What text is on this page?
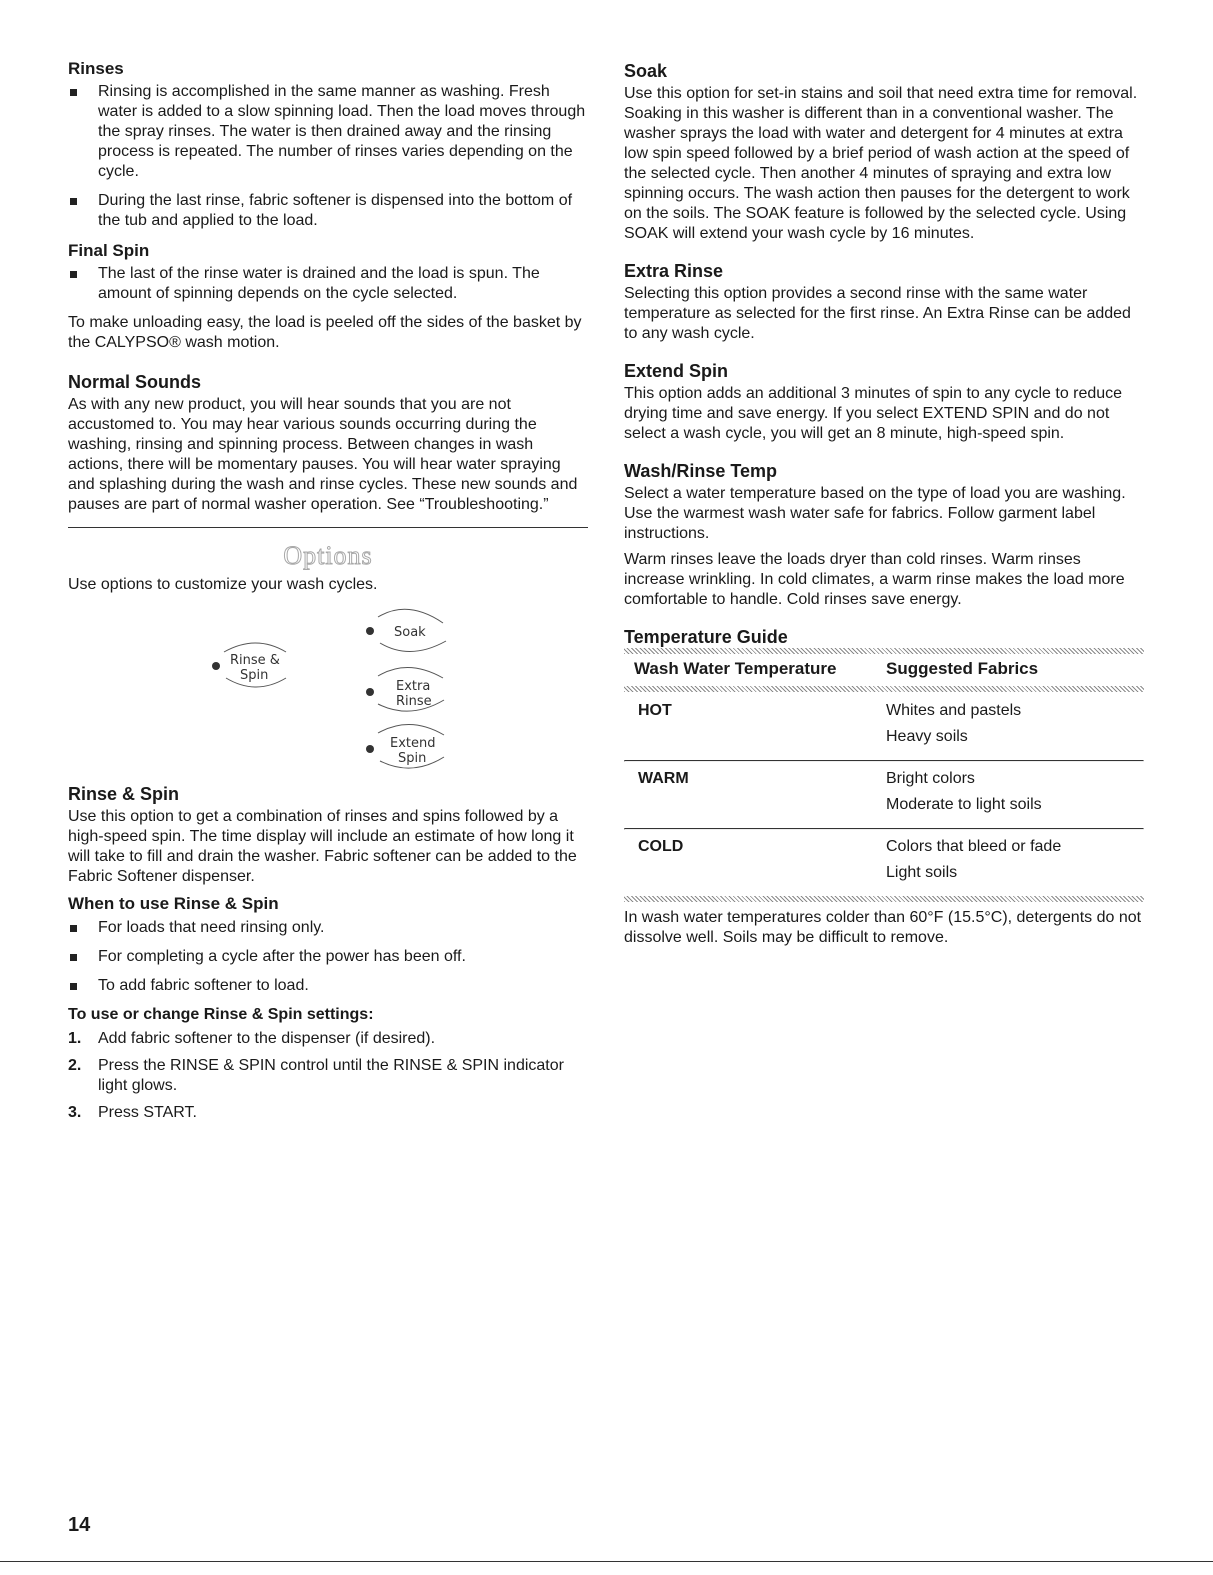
Rinses
Rinsing is accomplished in the same manner as washing. Fresh water is added to a slow spinning load. Then the load moves through the spray rinses. The water is then drained away and the rinsing process is repeated. The number of rinses varies depending on the cycle.
During the last rinse, fabric softener is dispensed into the bottom of the tub and applied to the load.
Final Spin
The last of the rinse water is drained and the load is spun. The amount of spinning depends on the cycle selected.

To make unloading easy, the load is peeled off the sides of the basket by the CALYPSO® wash motion.

Normal Sounds

As with any new product, you will hear sounds that you are not accustomed to. You may hear various sounds occurring during the washing, rinsing and spinning process. Between changes in wash actions, there will be momentary pauses. You will hear water spraying and splashing during the wash and rinse cycles. These new sounds and pauses are part of normal washer operation. See “Troubleshooting.”

Options

Use options to customize your wash cycles.

Soak
Rinse &
Spin
Extra
Rinse
Extend
Spin
Rinse & Spin

Use this option to get a combination of rinses and spins followed by a high-speed spin. The time display will include an estimate of how long it will take to fill and drain the washer. Fabric softener can be added to the Fabric Softener dispenser.

When to use Rinse & Spin
For loads that need rinsing only.
For completing a cycle after the power has been off.
To add fabric softener to load.
To use or change Rinse & Spin settings:
1. Add fabric softener to the dispenser (if desired).
2. Press the RINSE & SPIN control until the RINSE & SPIN indicator light glows.
3. Press START.
Soak

Use this option for set-in stains and soil that need extra time for removal. Soaking in this washer is different than in a conventional washer. The washer sprays the load with water and detergent for 4 minutes at extra low spin speed followed by a brief period of wash action at the speed of the selected cycle. Then another 4 minutes of spraying and extra low spinning occurs. The wash action then pauses for the detergent to work on the soils. The SOAK feature is followed by the selected cycle. Using SOAK will extend your wash cycle by 16 minutes.

Extra Rinse

Selecting this option provides a second rinse with the same water temperature as selected for the first rinse. An Extra Rinse can be added to any wash cycle.

Extend Spin

This option adds an additional 3 minutes of spin to any cycle to reduce drying time and save energy. If you select EXTEND SPIN and do not select a wash cycle, you will get an 8 minute, high-speed spin.

Wash/Rinse Temp

Select a water temperature based on the type of load you are washing. Use the warmest wash water safe for fabrics. Follow garment label instructions.

Warm rinses leave the loads dryer than cold rinses. Warm rinses increase wrinkling. In cold climates, a warm rinse makes the load more comfortable to handle. Cold rinses save energy.

Temperature Guide
Wash Water Temperature	Suggested Fabrics
HOT	Whites and pastels
Heavy soils
WARM	Bright colors
Moderate to light soils
COLD	Colors that bleed or fade
Light soils

In wash water temperatures colder than 60°F (15.5°C), detergents do not dissolve well. Soils may be difficult to remove.

14
